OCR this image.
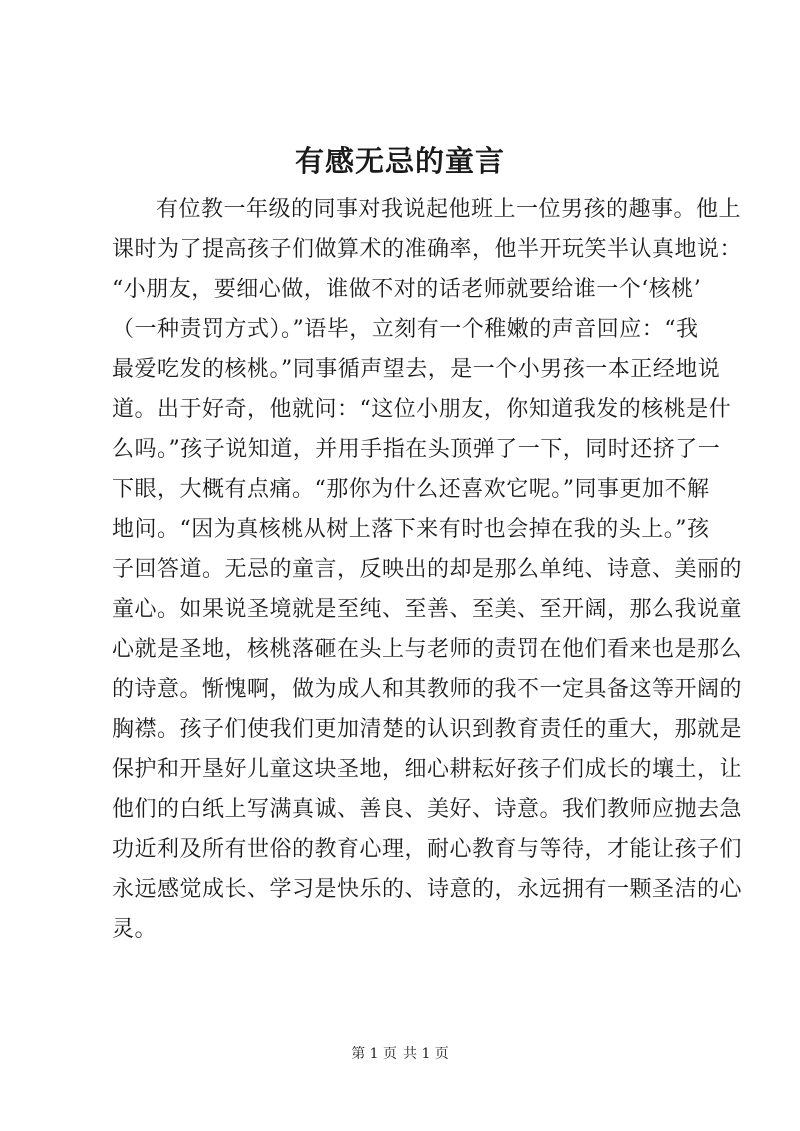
有感无忌的童言
有位教一年级的同事对我说起他班上一位男孩的趣事。他上
课时为了提高孩子们做算术的准确率，他半开玩笑半认真地说：
“小朋友，要细心做，谁做不对的话老师就要给谁一个‘核桃’
（一种责罚方式）。”语毕，立刻有一个稚嫩的声音回应：“我
最爱吃发的核桃。”同事循声望去，是一个小男孩一本正经地说
道。出于好奇，他就问：“这位小朋友，你知道我发的核桃是什
么吗。”孩子说知道，并用手指在头顶弹了一下，同时还挤了一
下眼，大概有点痛。“那你为什么还喜欢它呢。”同事更加不解
地问。“因为真核桃从树上落下来有时也会掉在我的头上。”孩
子回答道。无忌的童言，反映出的却是那么单纯、诗意、美丽的
童心。如果说圣境就是至纯、至善、至美、至开阔，那么我说童
心就是圣地，核桃落砸在头上与老师的责罚在他们看来也是那么
的诗意。惭愧啊，做为成人和其教师的我不一定具备这等开阔的
胸襟。孩子们使我们更加清楚的认识到教育责任的重大，那就是
保护和开垦好儿童这块圣地，细心耕耘好孩子们成长的壤土，让
他们的白纸上写满真诚、善良、美好、诗意。我们教师应抛去急
功近利及所有世俗的教育心理，耐心教育与等待，才能让孩子们
永远感觉成长、学习是快乐的、诗意的，永远拥有一颗圣洁的心
灵。
第 1 页 共 1 页
